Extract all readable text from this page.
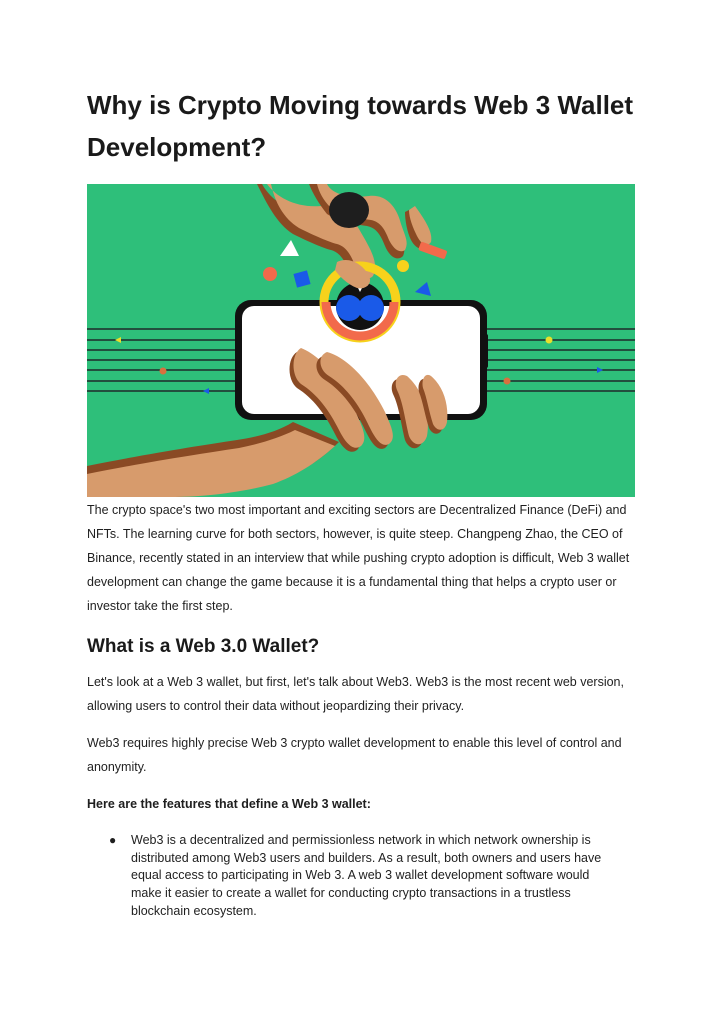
Why is Crypto Moving towards Web 3 Wallet Development?

The crypto space's two most important and exciting sectors are Decentralized Finance (DeFi) and NFTs. The learning curve for both sectors, however, is quite steep. Changpeng Zhao, the CEO of Binance, recently stated in an interview that while pushing crypto adoption is difficult, Web 3 wallet development can change the game because it is a fundamental thing that helps a crypto user or investor take the first step.

What is a Web 3.0 Wallet?

Let's look at a Web 3 wallet, but first, let's talk about Web3. Web3 is the most recent web version, allowing users to control their data without jeopardizing their privacy.

Web3 requires highly precise Web 3 crypto wallet development to enable this level of control and anonymity.

Here are the features that define a Web 3 wallet:

● Web3 is a decentralized and permissionless network in which network ownership is distributed among Web3 users and builders. As a result, both owners and users have equal access to participating in Web 3. A web 3 wallet development software would make it easier to create a wallet for conducting crypto transactions in a trustless blockchain ecosystem.
